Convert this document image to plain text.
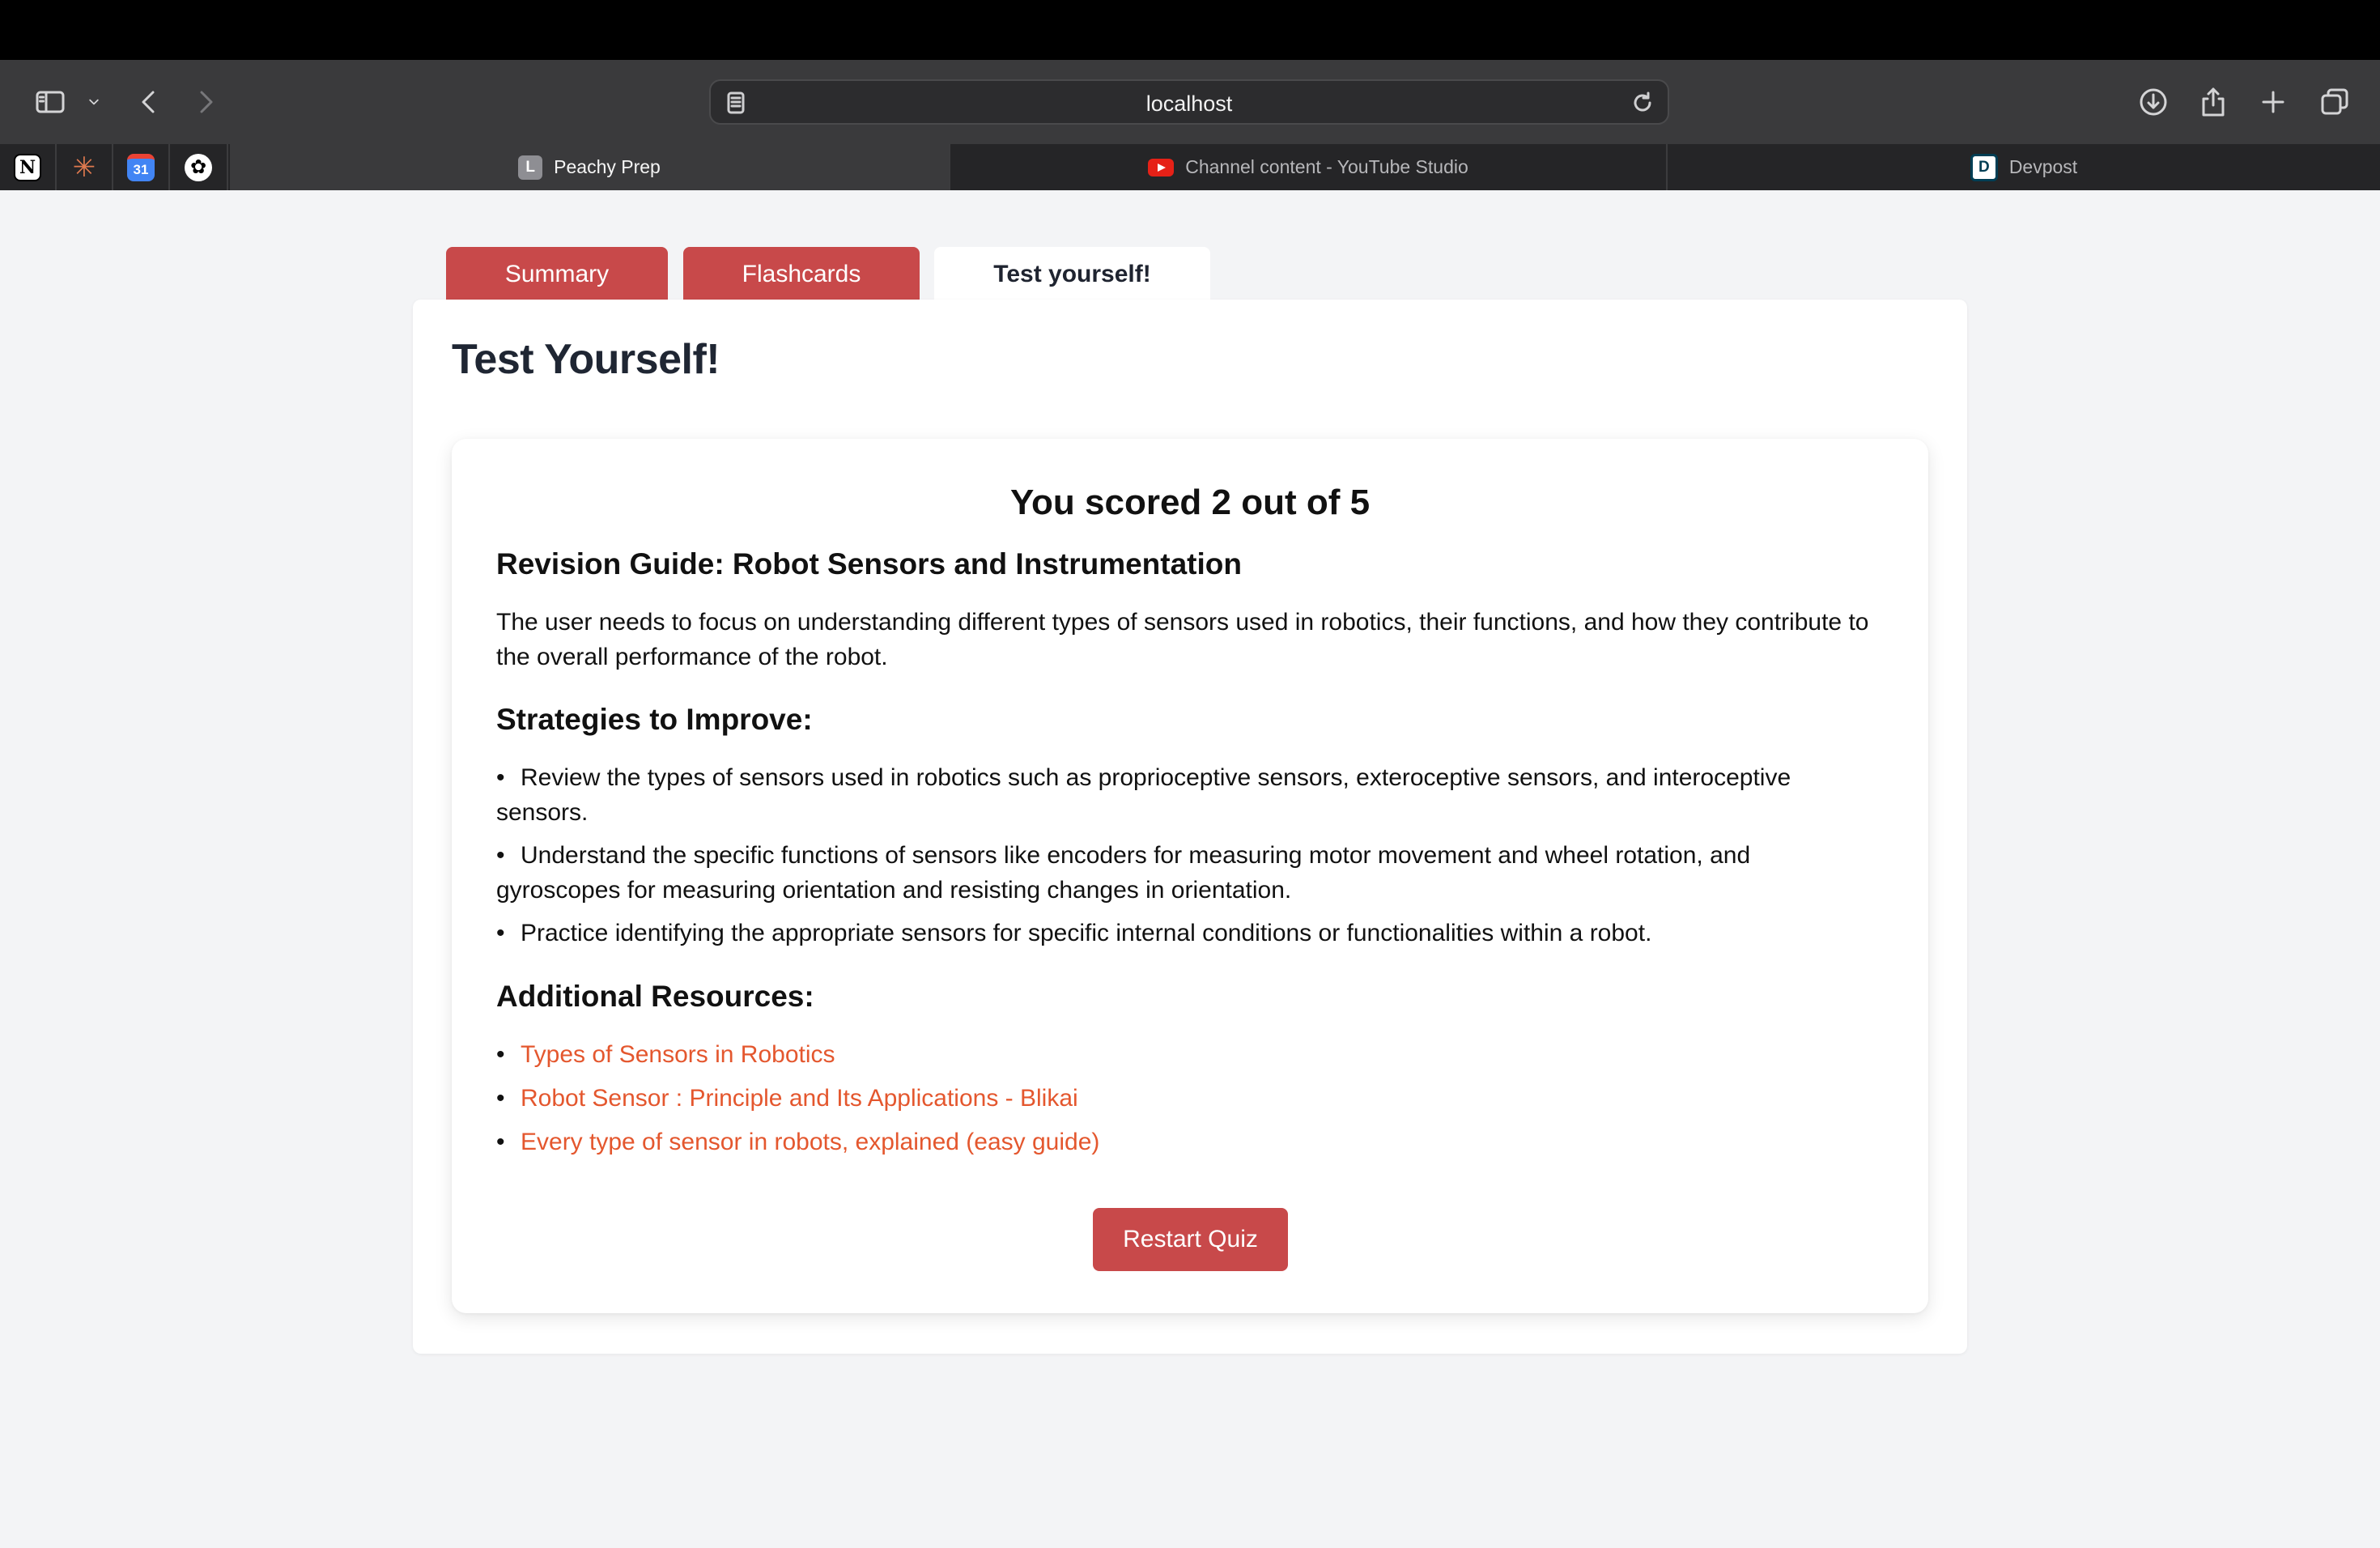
localhost
N ✳	31	✿	L	Peachy Prep	Channel content - YouTube Studio	D	Devpost
Summary	Flashcards	Test yourself!
Test Yourself!
You scored 2 out of 5
Revision Guide: Robot Sensors and Instrumentation
The user needs to focus on understanding different types of sensors used in robotics, their functions, and how they contribute to the overall performance of the robot.
Strategies to Improve:
• Review the types of sensors used in robotics such as proprioceptive sensors, exteroceptive sensors, and interoceptive sensors.
• Understand the specific functions of sensors like encoders for measuring motor movement and wheel rotation, and gyroscopes for measuring orientation and resisting changes in orientation.
• Practice identifying the appropriate sensors for specific internal conditions or functionalities within a robot.
Additional Resources:
• Types of Sensors in Robotics
• Robot Sensor : Principle and Its Applications - Blikai
• Every type of sensor in robots, explained (easy guide)
Restart Quiz
